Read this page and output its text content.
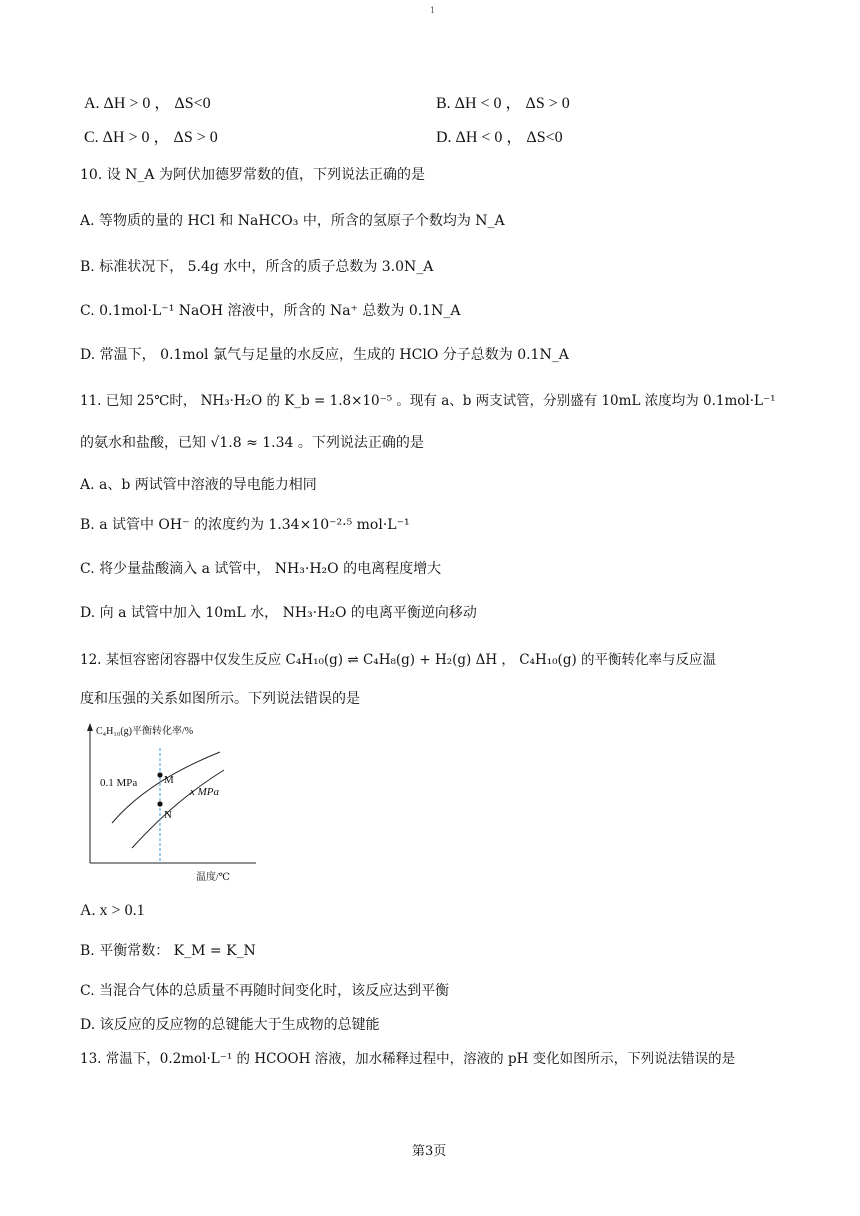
1
A. ΔH > 0 ， ΔS<0	B. ΔH < 0 ， ΔS > 0
C. ΔH > 0 ， ΔS > 0	D. ΔH < 0 ， ΔS<0
10. 设 N_A 为阿伏加德罗常数的值，下列说法正确的是
A. 等物质的量的 HCl 和 NaHCO₃ 中，所含的氢原子个数均为 N_A
B. 标准状况下， 5.4g 水中，所含的质子总数为 3.0N_A
C. 0.1mol·L⁻¹ NaOH 溶液中，所含的 Na⁺ 总数为 0.1N_A
D. 常温下， 0.1mol 氯气与足量的水反应，生成的 HClO 分子总数为 0.1N_A
11. 已知 25℃时， NH₃·H₂O 的 K_b = 1.8×10⁻⁵ 。现有 a、b 两支试管，分别盛有 10mL 浓度均为 0.1mol·L⁻¹
的氨水和盐酸，已知 √1.8 ≈ 1.34 。下列说法正确的是
A. a、b 两试管中溶液的导电能力相同
B. a 试管中 OH⁻ 的浓度约为 1.34×10⁻²·⁵ mol·L⁻¹
C. 将少量盐酸滴入 a 试管中， NH₃·H₂O 的电离程度增大
D. 向 a 试管中加入 10mL 水， NH₃·H₂O 的电离平衡逆向移动
12. 某恒容密闭容器中仅发生反应 C₄H₁₀(g) ⇌ C₄H₈(g) + H₂(g) ΔH ， C₄H₁₀(g) 的平衡转化率与反应温
度和压强的关系如图所示。下列说法错误的是
C₄H₁₀(g)平衡转化率/%
0.1 MPa
x MPa
M
N
温度/℃
A. x > 0.1
B. 平衡常数： K_M = K_N
C. 当混合气体的总质量不再随时间变化时，该反应达到平衡
D. 该反应的反应物的总键能大于生成物的总键能
13. 常温下，0.2mol·L⁻¹ 的 HCOOH 溶液，加水稀释过程中，溶液的 pH 变化如图所示，下列说法错误的是
第3页
